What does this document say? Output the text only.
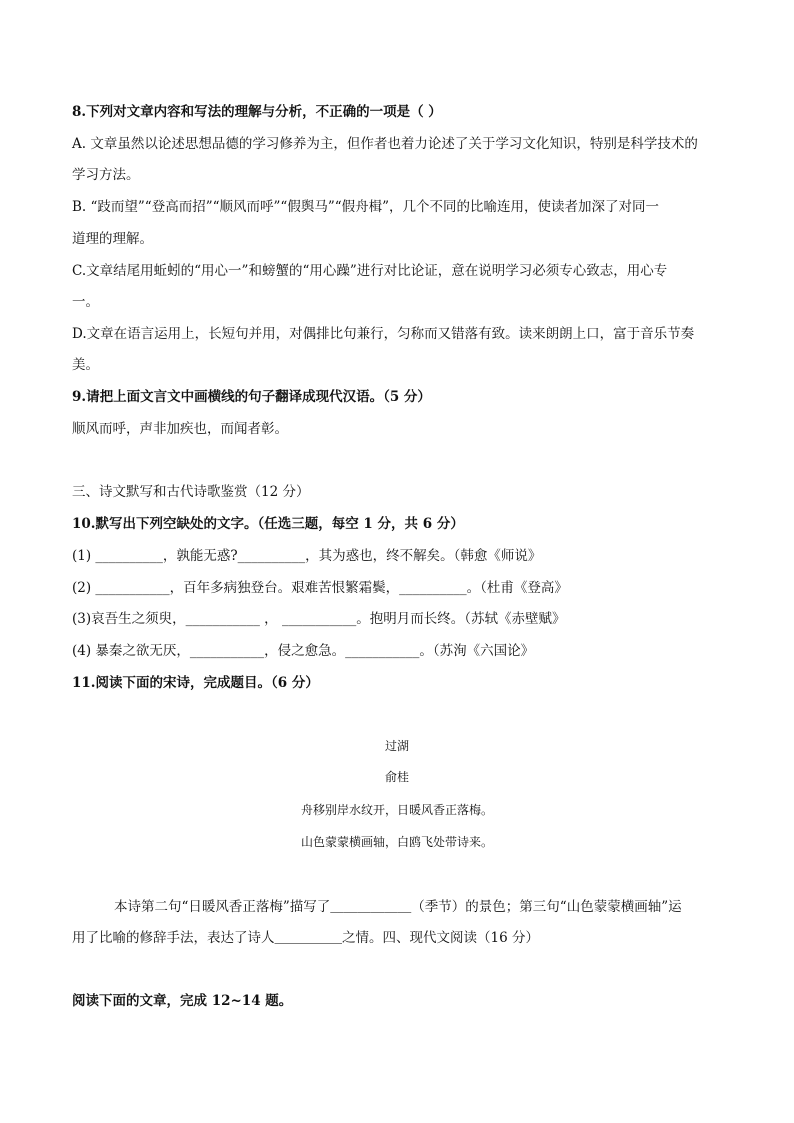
8.下列对文章内容和写法的理解与分析，不正确的一项是（ ）
A. 文章虽然以论述思想品德的学习修养为主，但作者也着力论述了关于学习文化知识，特别是科学技术的
学习方法。
B. “跂而望”“登高而招”“顺风而呼”“假舆马”“假舟楫”，几个不同的比喻连用，使读者加深了对同一
道理的理解。
C.文章结尾用蚯蚓的“用心一”和螃蟹的“用心躁”进行对比论证，意在说明学习必须专心致志，用心专
一。
D.文章在语言运用上，长短句并用，对偶排比句兼行，匀称而又错落有致。读来朗朗上口，富于音乐节奏
美。
9.请把上面文言文中画横线的句子翻译成现代汉语。（5 分）
顺风而呼，声非加疾也，而闻者彰。
三、诗文默写和古代诗歌鉴赏（12 分）
10.默写出下列空缺处的文字。（任选三题，每空 1 分，共 6 分）
(1) __________，孰能无惑?__________，其为惑也，终不解矣。（韩愈《师说》
(2) ___________，百年多病独登台。艰难苦恨繁霜鬓，__________。（杜甫《登高》
(3)哀吾生之须臾，___________ ， ___________。抱明月而长终。（苏轼《赤壁赋》
(4) 暴秦之欲无厌，___________，侵之愈急。___________。（苏洵《六国论》
11.阅读下面的宋诗，完成题目。（6 分）
过湖
俞桂
舟移别岸水纹开，日暖风香正落梅。
山色蒙蒙横画轴，白鸥飞处带诗来。
本诗第二句“日暖风香正落梅”描写了＿＿＿＿＿＿（季节）的景色；第三句“山色蒙蒙横画轴”运
用了比喻的修辞手法，表达了诗人＿＿＿＿＿之情。四、现代文阅读（16 分）
阅读下面的文章，完成 12~14 题。
